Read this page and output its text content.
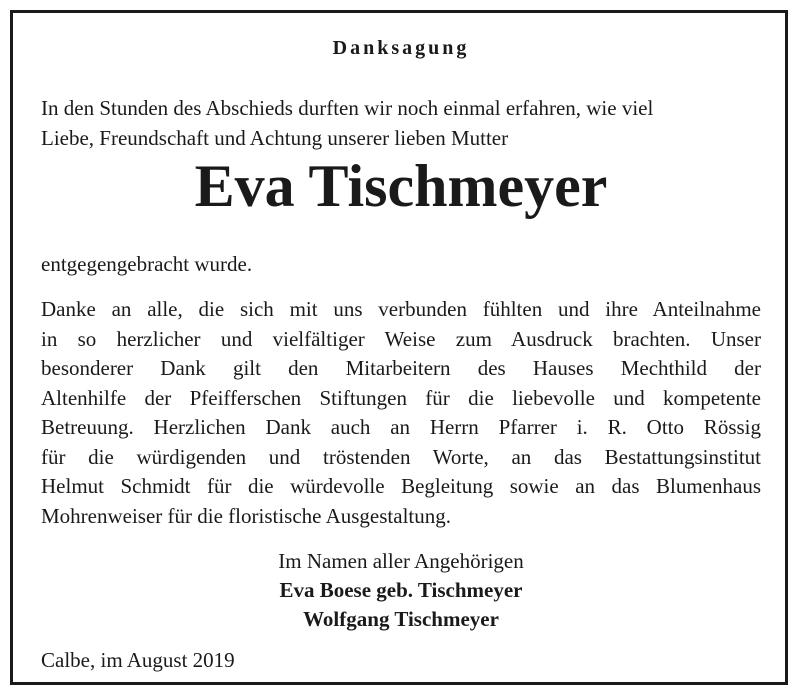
Danksagung

In den Stunden des Abschieds durften wir noch einmal erfahren, wie viel
Liebe, Freundschaft und Achtung unserer lieben Mutter

Eva Tischmeyer

entgegengebracht wurde.

Danke an alle, die sich mit uns verbunden fühlten und ihre Anteilnahme
in so herzlicher und vielfältiger Weise zum Ausdruck brachten. Unser
besonderer Dank gilt den Mitarbeitern des Hauses Mechthild der
Altenhilfe der Pfeifferschen Stiftungen für die liebevolle und kompetente
Betreuung. Herzlichen Dank auch an Herrn Pfarrer i. R. Otto Rössig
für die würdigenden und tröstenden Worte, an das Bestattungsinstitut
Helmut Schmidt für die würdevolle Begleitung sowie an das Blumenhaus
Mohrenweiser für die floristische Ausgestaltung.

Im Namen aller Angehörigen
Eva Boese geb. Tischmeyer
Wolfgang Tischmeyer

Calbe, im August 2019
